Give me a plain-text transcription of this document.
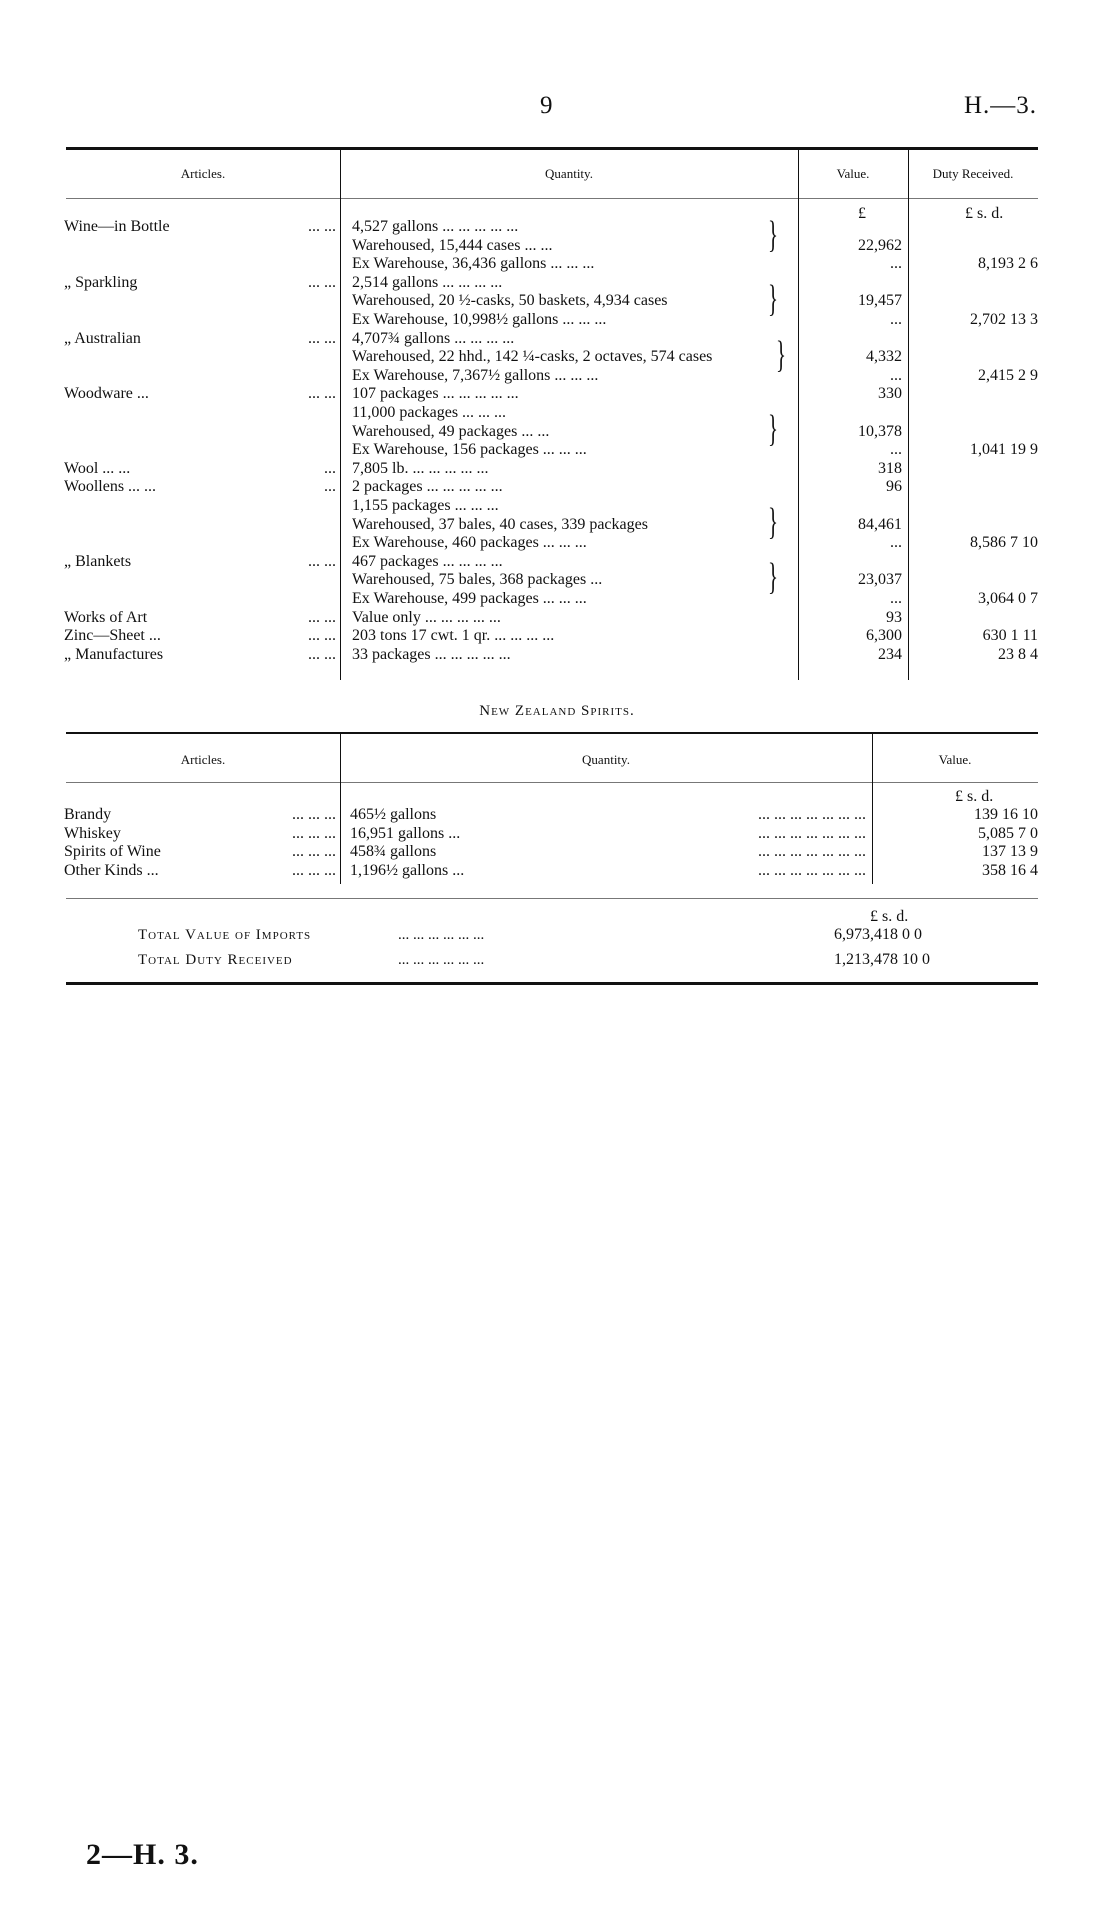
9	H.—3.
Articles.	Quantity.	Value.	Duty Received.
£	£ s. d.
Wine—in Bottle	... ... 4,527 gallons ... ... ... ... ...
Warehoused, 15,444 cases ... ...	22,962
Ex Warehouse, 36,436 gallons ... ... ...	...	8,193 2 6
„ Sparkling	... ... 2,514 gallons ... ... ... ...
Warehoused, 20 ½-casks, 50 baskets, 4,934 cases	19,457
Ex Warehouse, 10,998½ gallons ... ... ...	...	2,702 13 3
„ Australian	... ... 4,707¾ gallons ... ... ... ...
Warehoused, 22 hhd., 142 ¼-casks, 2 octaves, 574 cases	4,332
Ex Warehouse, 7,367½ gallons ... ... ...	...	2,415 2 9
Woodware ...	... ... 107 packages ... ... ... ... ...	330
11,000 packages ... ... ...
Warehoused, 49 packages ... ...	10,378
Ex Warehouse, 156 packages ... ... ...	...	1,041 19 9
Wool ... ...	... 7,805 lb. ... ... ... ... ...	318
Woollens ... ...	... 2 packages ... ... ... ... ...	96
1,155 packages ... ... ...
Warehoused, 37 bales, 40 cases, 339 packages	84,461
Ex Warehouse, 460 packages ... ... ...	...	8,586 7 10
„ Blankets	... ... 467 packages ... ... ... ...
Warehoused, 75 bales, 368 packages ...	23,037
Ex Warehouse, 499 packages ... ... ...	...	3,064 0 7
Works of Art	... ... Value only ... ... ... ... ...	93
Zinc—Sheet ...	... ... 203 tons 17 cwt. 1 qr. ... ... ... ...	6,300	630 1 11
„ Manufactures	... ... 33 packages ... ... ... ... ...	234	23 8 4
}
}
}
}
}
}
New Zealand Spirits.
Articles.	Quantity.	Value.
£ s. d.
Brandy	... ... ... 465½ gallons	... ... ... ... ... ... ...	139 16 10
Whiskey	... ... ... 16,951 gallons ...	... ... ... ... ... ... ...	5,085 7 0
Spirits of Wine	... ... ... 458¾ gallons	... ... ... ... ... ... ...	137 13 9
Other Kinds ...	... ... ... 1,196½ gallons ...	... ... ... ... ... ... ...	358 16 4
£ s. d.
Total Value of Imports	... ... ... ... ... ...	6,973,418 0 0
Total Duty Received	... ... ... ... ... ...	1,213,478 10 0
2—H. 3.
